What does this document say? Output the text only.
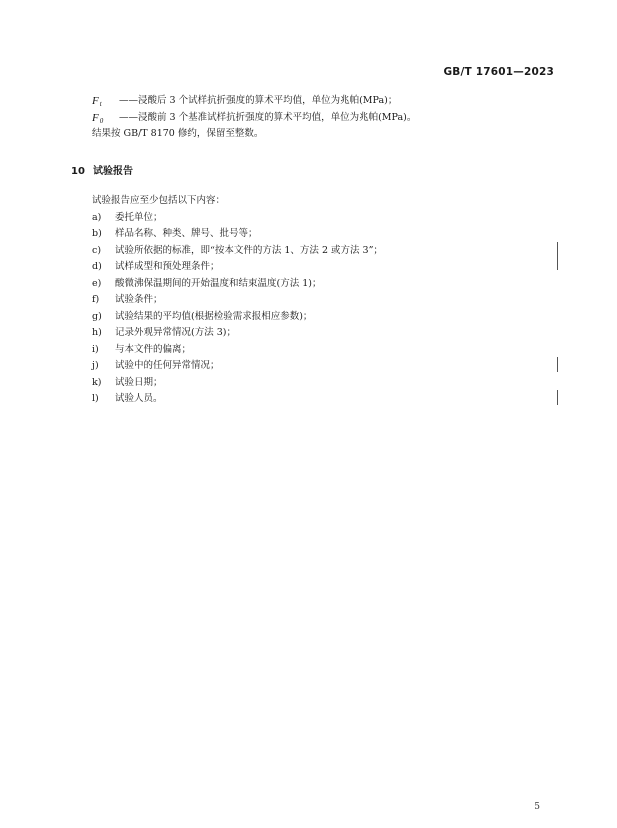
GB/T 17601—2023
$F_t$ ——浸酸后 3 个试样抗折强度的算术平均值，单位为兆帕(MPa)；
$F_0$ ——浸酸前 3 个基准试样抗折强度的算术平均值，单位为兆帕(MPa)。
结果按 GB/T 8170 修约，保留至整数。
10 试验报告
试验报告应至少包括以下内容：
a) 委托单位；
b) 样品名称、种类、牌号、批号等；
c) 试验所依据的标准，即“按本文件的方法 1、方法 2 或方法 3”；
d) 试样成型和预处理条件；
e) 酸微沸保温期间的开始温度和结束温度(方法 1)；
f) 试验条件；
g) 试验结果的平均值(根据检验需求报相应参数)；
h) 记录外观异常情况(方法 3)；
i) 与本文件的偏离；
j) 试验中的任何异常情况；
k) 试验日期；
l) 试验人员。
5
